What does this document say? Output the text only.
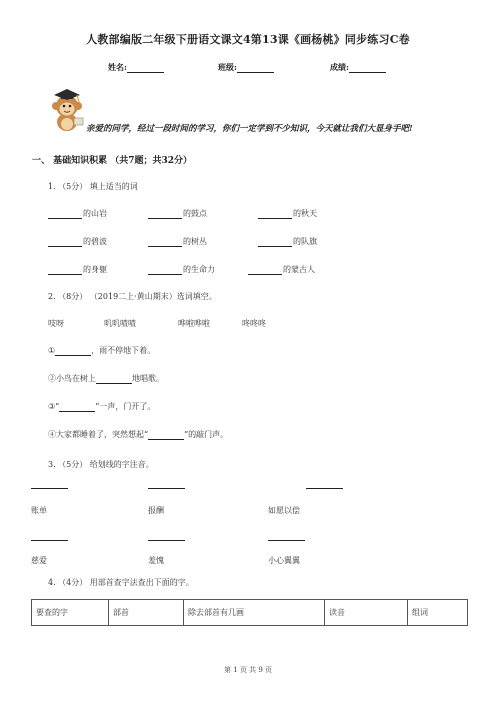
人教部编版二年级下册语文课文4第13课《画杨桃》同步练习C卷
姓名:	班级:	成绩:
亲爱的同学，经过一段时间的学习，你们一定学到不少知识，今天就让我们大显身手吧!
一、 基础知识积累 （共7题；共32分）
1. （5分） 填上适当的词
的山岩	的鼓点	的秋天
的碧波	的树丛	的队旗
的身躯	的生命力	的蒙古人
2. （8分） （2019二上·黄山期末）选词填空。
吱呀	叽叽喳喳	哗啦哗啦	咚咚咚
①	，雨不停地下着。
②小鸟在树上	地唱歌。
③“	”一声，门开了。
④大家都睡着了，突然想起“	”的敲门声。
3. （5分） 给划线的字注音。
账单	报酬	如愿以偿
慈爱	羞愧	小心翼翼
4. （4分） 用部首查字法查出下面的字。
要查的字	部首	除去部首有几画	读音	组词
第 1 页 共 9 页
